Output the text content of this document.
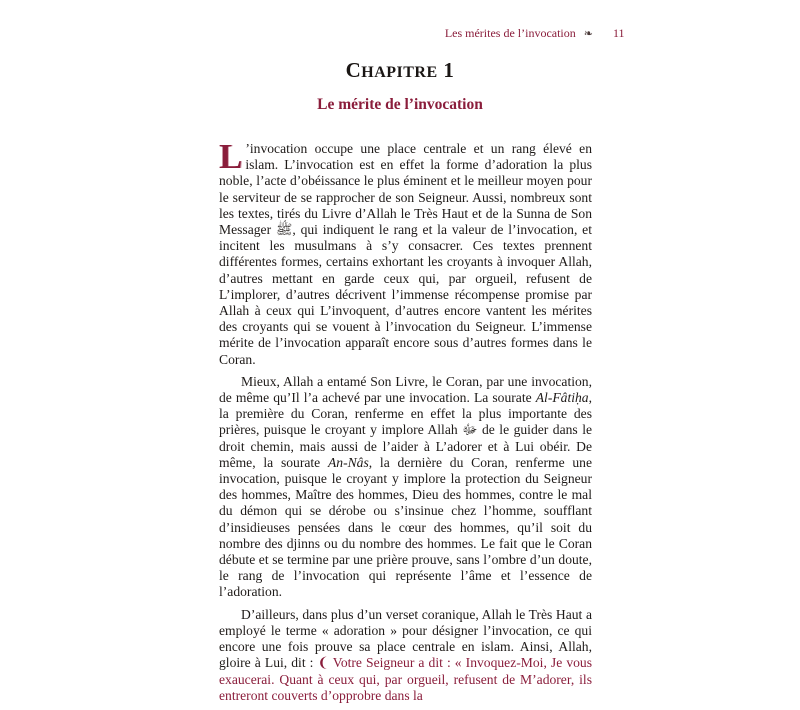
Les mérites de l’invocation ❧ 11
CHAPITRE 1
Le mérite de l’invocation

L ’invocation occupe une place centrale et un rang élevé en islam. L’invocation est en effet la forme d’adoration la plus noble, l’acte d’obéissance le plus éminent et le meilleur moyen pour le serviteur de se rapprocher de son Seigneur. Aussi, nombreux sont les textes, tirés du Livre d’Allah le Très Haut et de la Sunna de Son Messager ﷺ, qui indiquent le rang et la valeur de l’invocation, et incitent les musulmans à s’y consacrer. Ces textes prennent différentes formes, certains exhortant les croyants à invoquer Allah, d’autres mettant en garde ceux qui, par orgueil, refusent de L’implorer, d’autres décrivent l’immense récompense promise par Allah à ceux qui L’invoquent, d’autres encore vantent les mérites des croyants qui se vouent à l’invocation du Seigneur. L’immense mérite de l’invocation apparaît encore sous d’autres formes dans le Coran.

Mieux, Allah a entamé Son Livre, le Coran, par une invocation, de même qu’Il l’a achevé par une invocation. La sourate Al-Fâtiḥa, la première du Coran, renferme en effet la plus importante des prières, puisque le croyant y implore Allah ﷻ de le guider dans le droit chemin, mais aussi de l’aider à L’adorer et à Lui obéir. De même, la sourate An-Nâs, la dernière du Coran, renferme une invocation, puisque le croyant y implore la protection du Seigneur des hommes, Maître des hommes, Dieu des hommes, contre le mal du démon qui se dérobe ou s’insinue chez l’homme, soufflant d’insidieuses pensées dans le cœur des hommes, qu’il soit du nombre des djinns ou du nombre des hommes. Le fait que le Coran débute et se termine par une prière prouve, sans l’ombre d’un doute, le rang de l’invocation qui représente l’âme et l’essence de l’adoration.

D’ailleurs, dans plus d’un verset coranique, Allah le Très Haut a employé le terme « adoration » pour désigner l’invocation, ce qui encore une fois prouve sa place centrale en islam. Ainsi, Allah, gloire à Lui, dit : ❨ Votre Seigneur a dit : « Invoquez-Moi, Je vous exaucerai. Quant à ceux qui, par orgueil, refusent de M’adorer, ils entreront couverts d’opprobre dans la
